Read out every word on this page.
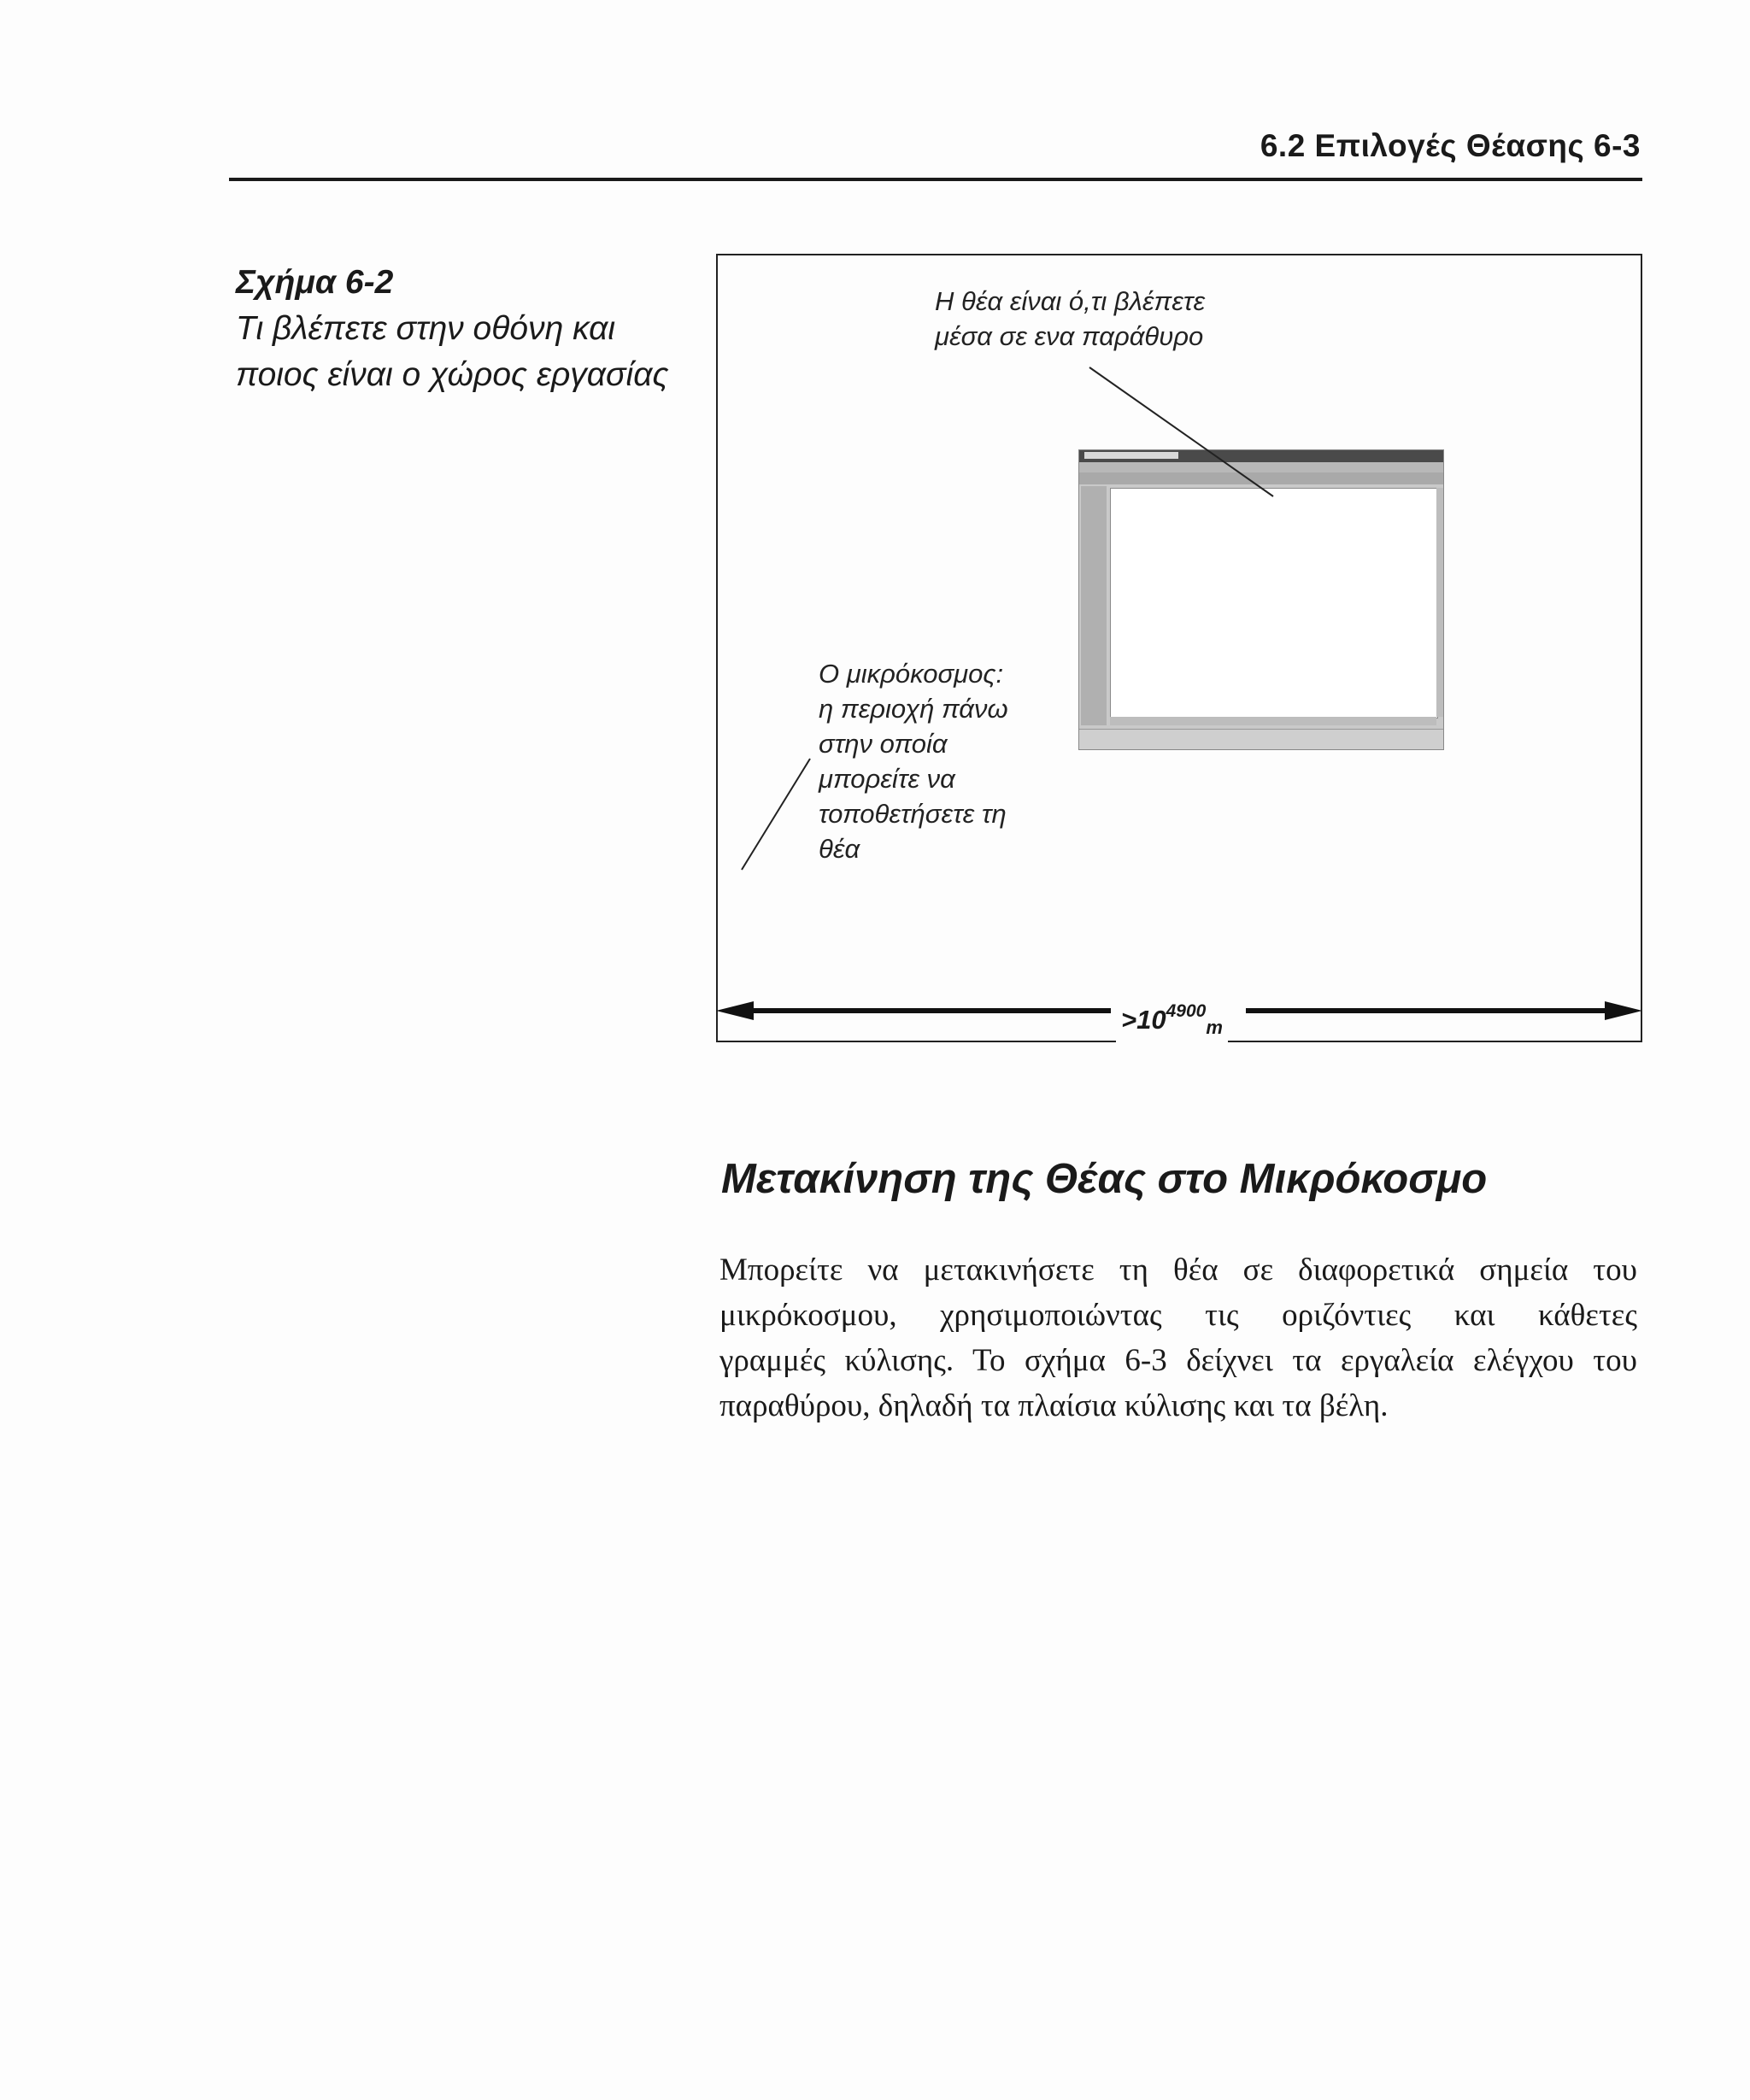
6.2 Επιλογές Θέασης 6-3
Σχήμα 6-2
Τι βλέπετε στην οθόνη και
ποιος είναι ο χώρος εργασίας
Η θέα είναι ό,τι βλέπετε
μέσα σε ενα παράθυρο
Ο μικρόκοσμος:
η περιοχή πάνω
στην οποία
μπορείτε να
τοποθετήσετε τη
θέα
$>10^{4900}_m$
Μετακίνηση της Θέας στο Μικρόκοσμο
Μπορείτε να μετακινήσετε τη θέα σε διαφορετικά σημεία του
μικρόκοσμου, χρησιμοποιώντας τις οριζόντιες και κάθετες
γραμμές κύλισης. Το σχήμα 6-3 δείχνει τα εργαλεία ελέγχου του
παραθύρου, δηλαδή τα πλαίσια κύλισης και τα βέλη.
